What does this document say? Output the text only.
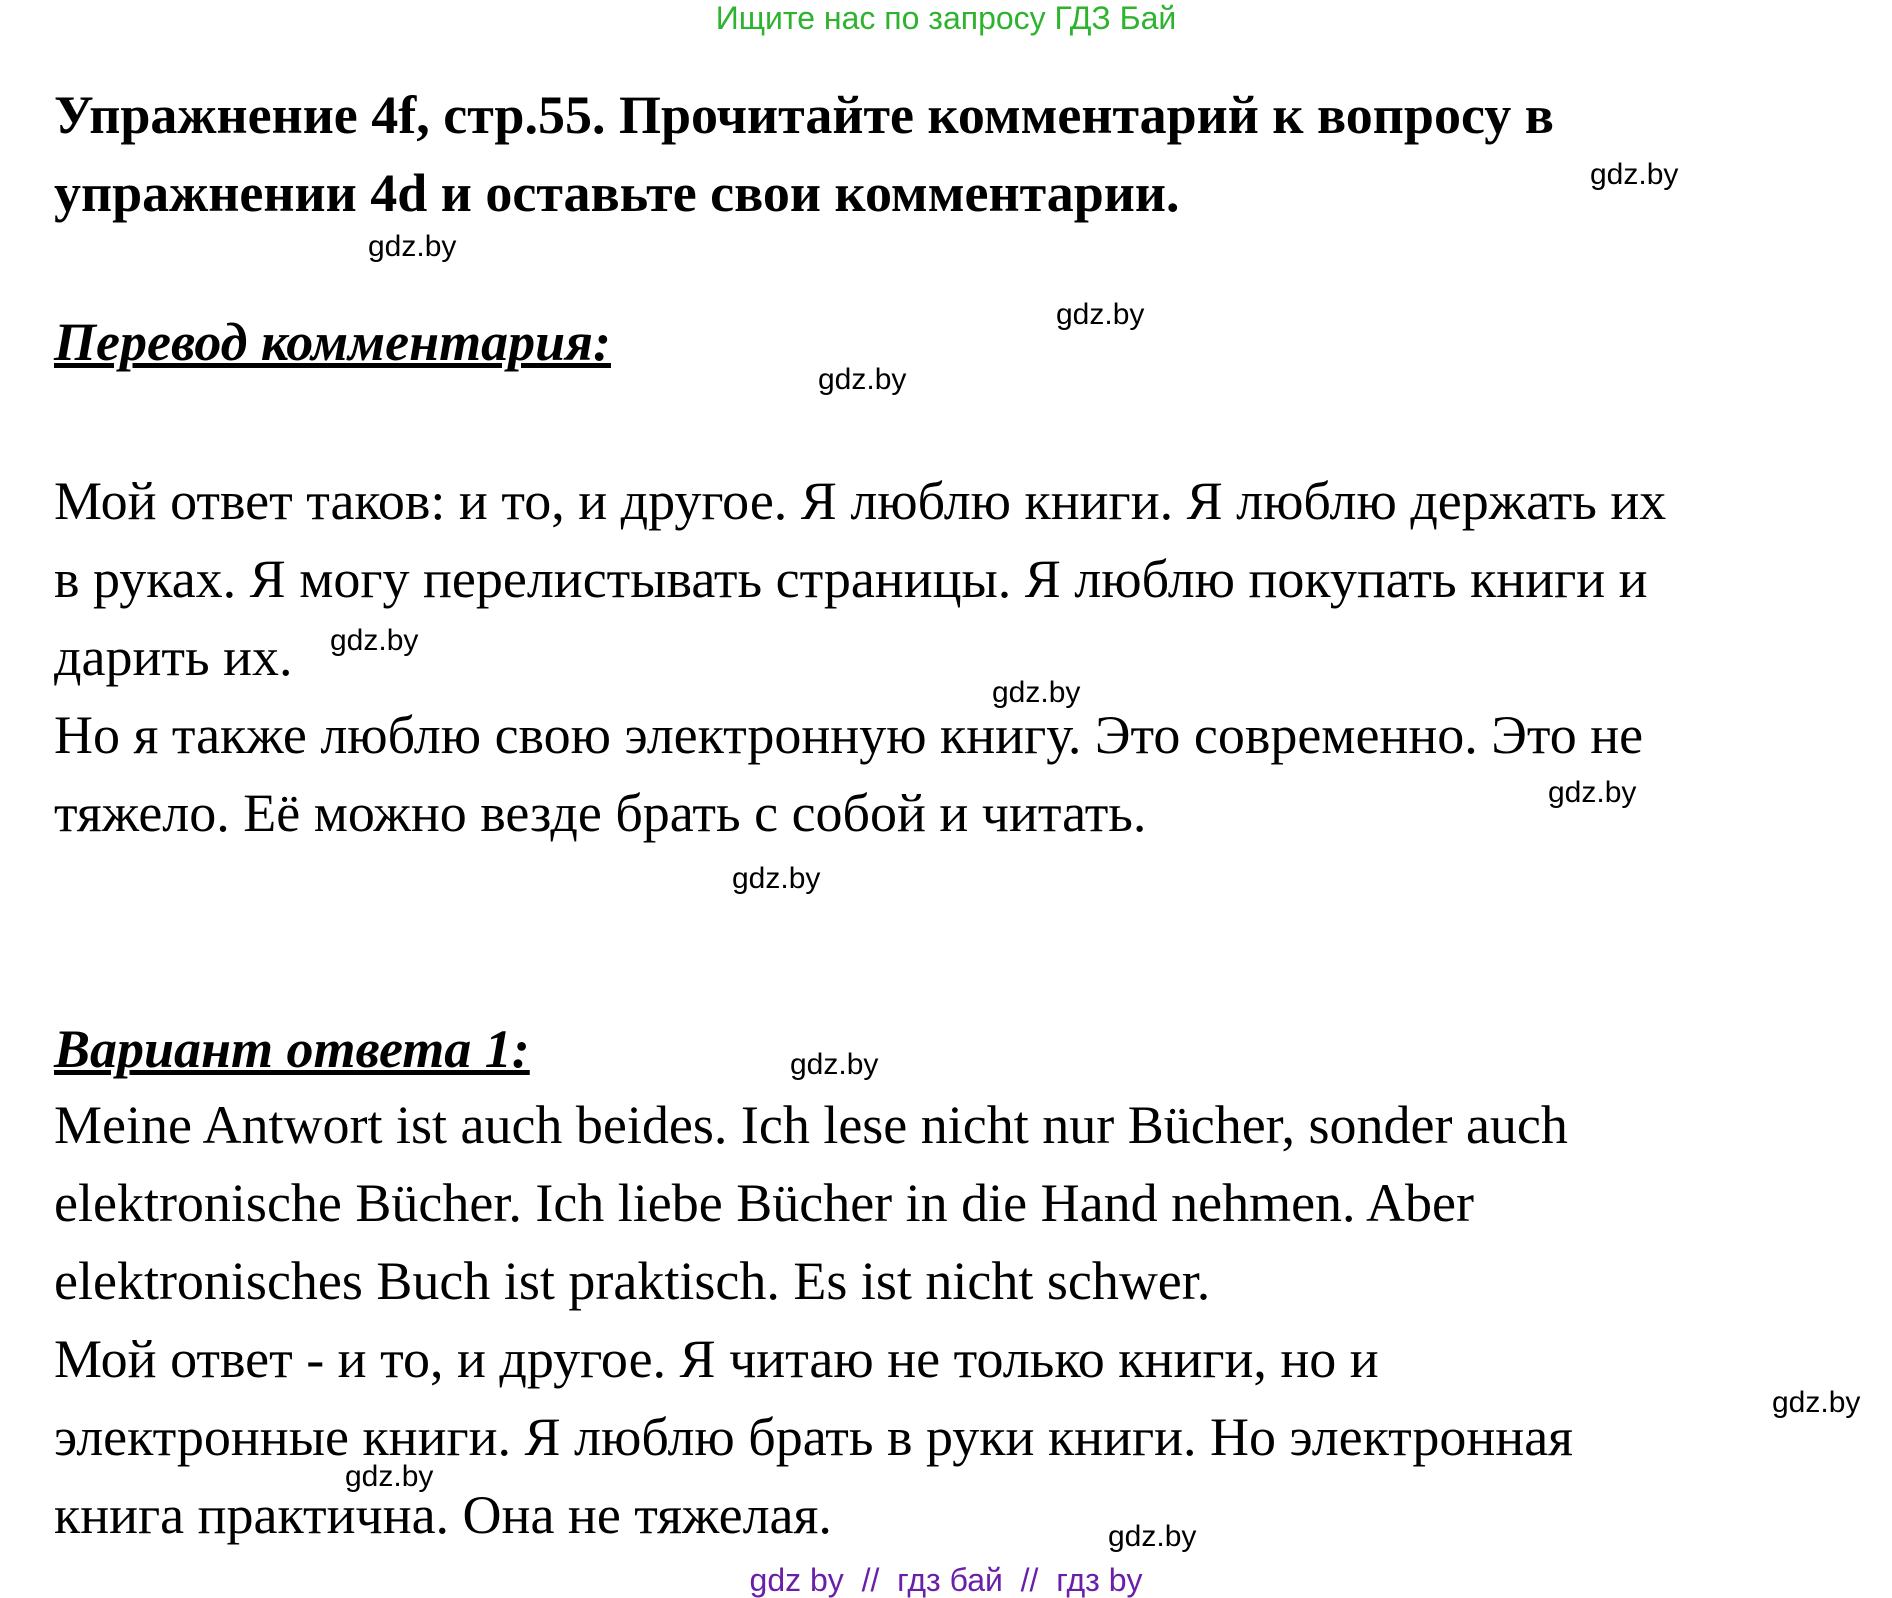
Ищите нас по запросу ГДЗ Бай
Упражнение 4f, стр.55. Прочитайте комментарий к вопросу в
упражнении 4d и оставьте свои комментарии.
Перевод комментария:
Мой ответ таков: и то, и другое. Я люблю книги. Я люблю держать их
в руках. Я могу перелистывать страницы. Я люблю покупать книги и
дарить их.
Но я также люблю свою электронную книгу. Это современно. Это не
тяжело. Её можно везде брать с собой и читать.
Вариант ответа 1:
Meine Antwort ist auch beides. Ich lese nicht nur Bücher, sonder auch
elektronische Bücher. Ich liebe Bücher in die Hand nehmen. Aber
elektronisches Buch ist praktisch. Es ist nicht schwer.
Мой ответ - и то, и другое. Я читаю не только книги, но и
электронные книги. Я люблю брать в руки книги. Но электронная
книга практична. Она не тяжелая.
gdz.by
gdz.by
gdz.by
gdz.by
gdz.by
gdz.by
gdz.by
gdz.by
gdz.by
gdz.by
gdz.by
gdz.by
gdz by  //  гдз бай  //  гдз by
